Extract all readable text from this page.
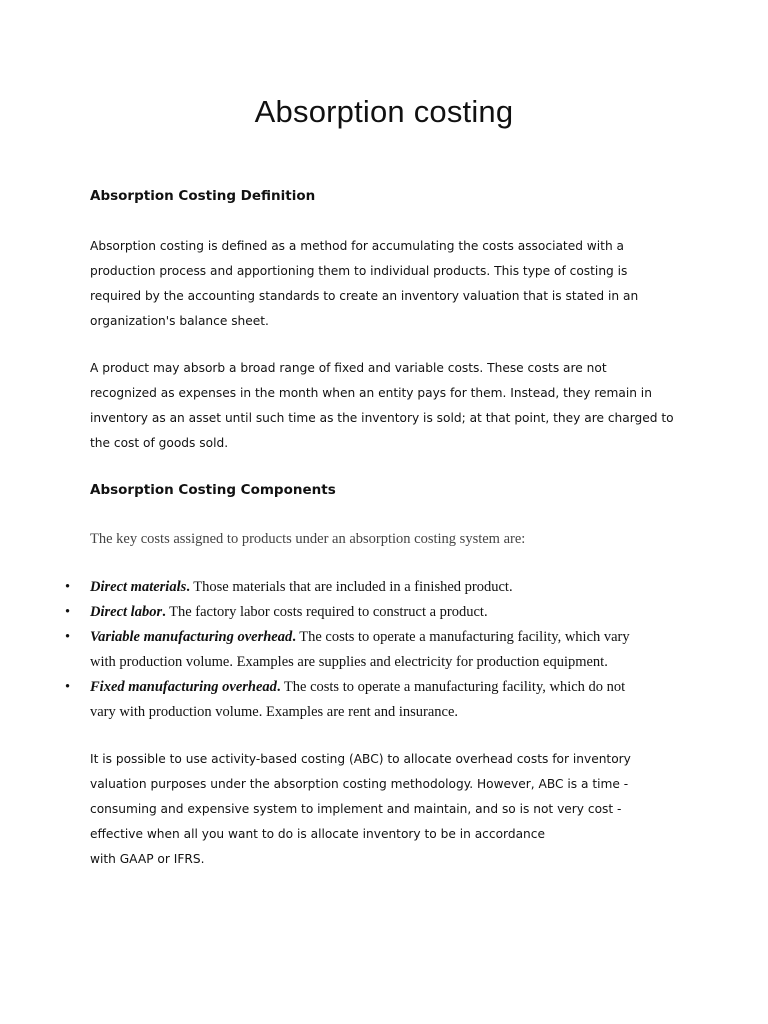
Absorption costing
Absorption Costing Definition

Absorption costing is defined as a method for accumulating the costs associated with a
production process and apportioning them to individual products. This type of costing is
required by the accounting standards to create an inventory valuation that is stated in an
organization's balance sheet.

A product may absorb a broad range of fixed and variable costs. These costs are not
recognized as expenses in the month when an entity pays for them. Instead, they remain in
inventory as an asset until such time as the inventory is sold; at that point, they are charged to
the cost of goods sold.

Absorption Costing Components

The key costs assigned to products under an absorption costing system are:

• Direct materials. Those materials that are included in a finished product.
• Direct labor. The factory labor costs required to construct a product.
• Variable manufacturing overhead. The costs to operate a manufacturing facility, which vary
with production volume. Examples are supplies and electricity for production equipment.
• Fixed manufacturing overhead. The costs to operate a manufacturing facility, which do not
vary with production volume. Examples are rent and insurance.

It is possible to use activity-based costing (ABC) to allocate overhead costs for inventory
valuation purposes under the absorption costing methodology. However, ABC is a time -
consuming and expensive system to implement and maintain, and so is not very cost -
effective when all you want to do is allocate inventory to be in accordance
with GAAP or IFRS.
